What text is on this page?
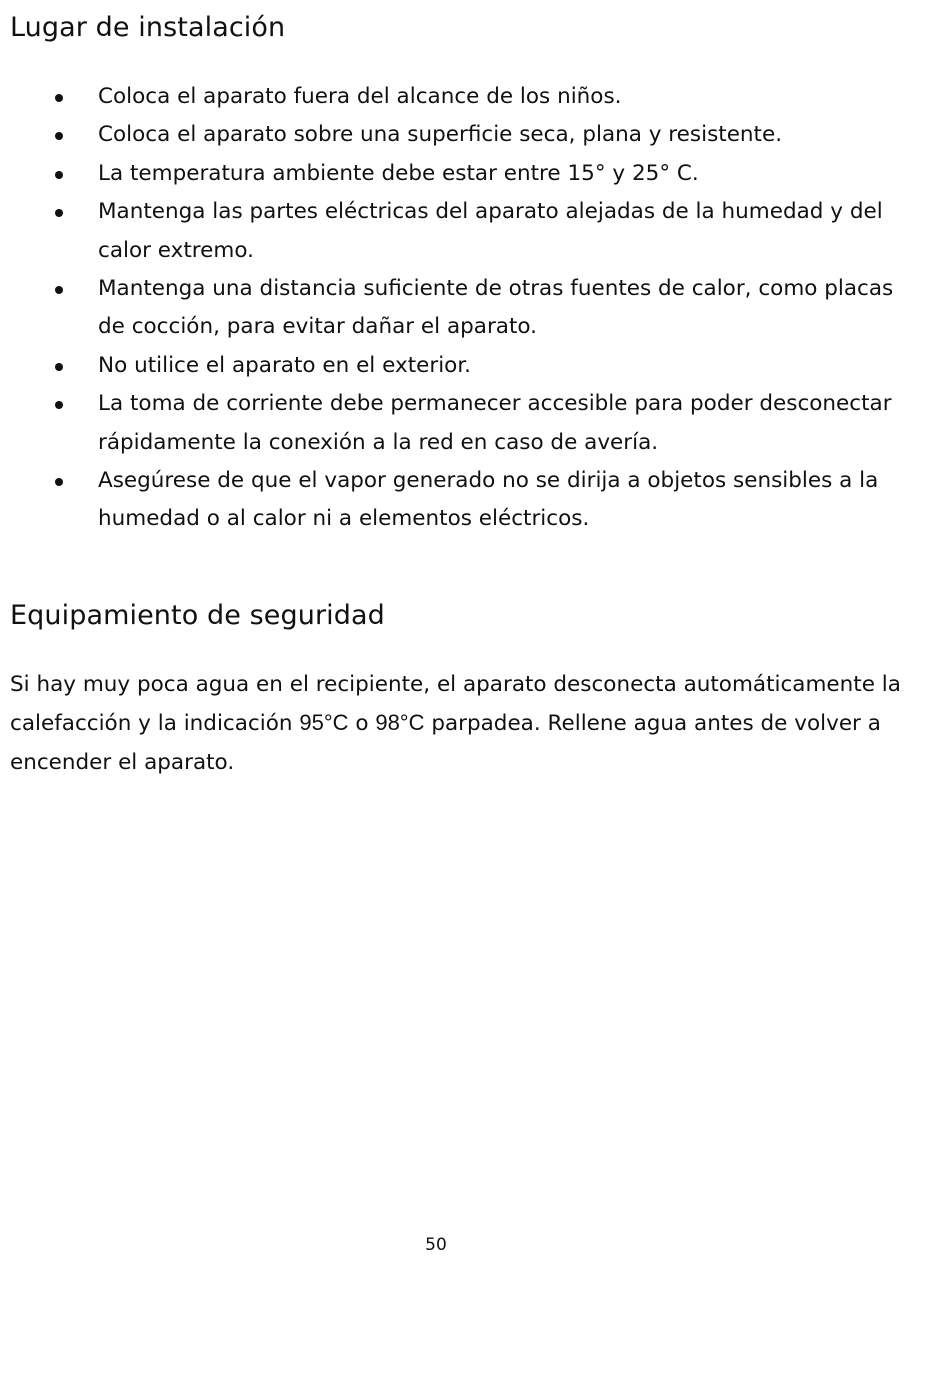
Lugar de instalación
Coloca el aparato fuera del alcance de los niños.
Coloca el aparato sobre una superficie seca, plana y resistente.
La temperatura ambiente debe estar entre 15° y 25° C.
Mantenga las partes eléctricas del aparato alejadas de la humedad y del calor extremo.
Mantenga una distancia suficiente de otras fuentes de calor, como placas de cocción, para evitar dañar el aparato.
No utilice el aparato en el exterior.
La toma de corriente debe permanecer accesible para poder desconectar rápidamente la conexión a la red en caso de avería.
Asegúrese de que el vapor generado no se dirija a objetos sensibles a la humedad o al calor ni a elementos eléctricos.
Equipamiento de seguridad

Si hay muy poca agua en el recipiente, el aparato desconecta automáticamente la calefacción y la indicación 95°C o 98°C parpadea. Rellene agua antes de volver a encender el aparato.

50
